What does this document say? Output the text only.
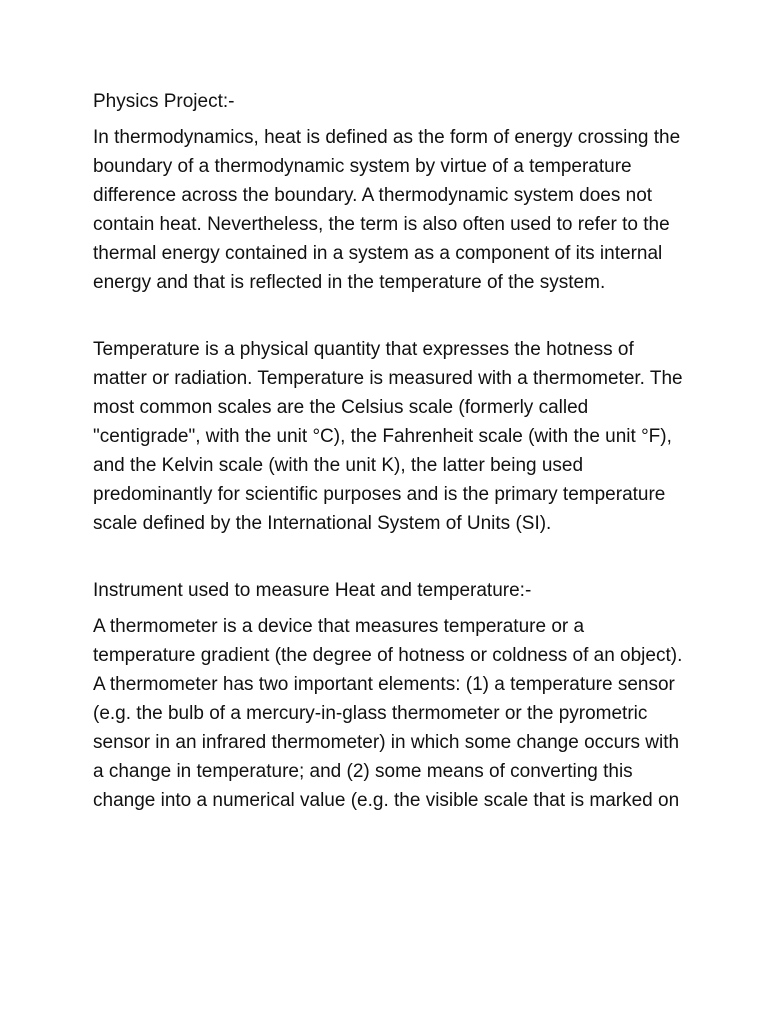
Physics Project:-

In thermodynamics, heat is defined as the form of energy crossing the boundary of a thermodynamic system by virtue of a temperature difference across the boundary. A thermodynamic system does not contain heat. Nevertheless, the term is also often used to refer to the thermal energy contained in a system as a component of its internal energy and that is reflected in the temperature of the system.

Temperature is a physical quantity that expresses the hotness of matter or radiation. Temperature is measured with a thermometer. The most common scales are the Celsius scale (formerly called "centigrade", with the unit °C), the Fahrenheit scale (with the unit °F), and the Kelvin scale (with the unit K), the latter being used predominantly for scientific purposes and is the primary temperature scale defined by the International System of Units (SI).

Instrument used to measure Heat and temperature:-

A thermometer is a device that measures temperature or a temperature gradient (the degree of hotness or coldness of an object). A thermometer has two important elements: (1) a temperature sensor (e.g. the bulb of a mercury-in-glass thermometer or the pyrometric sensor in an infrared thermometer) in which some change occurs with a change in temperature; and (2) some means of converting this change into a numerical value (e.g. the visible scale that is marked on
